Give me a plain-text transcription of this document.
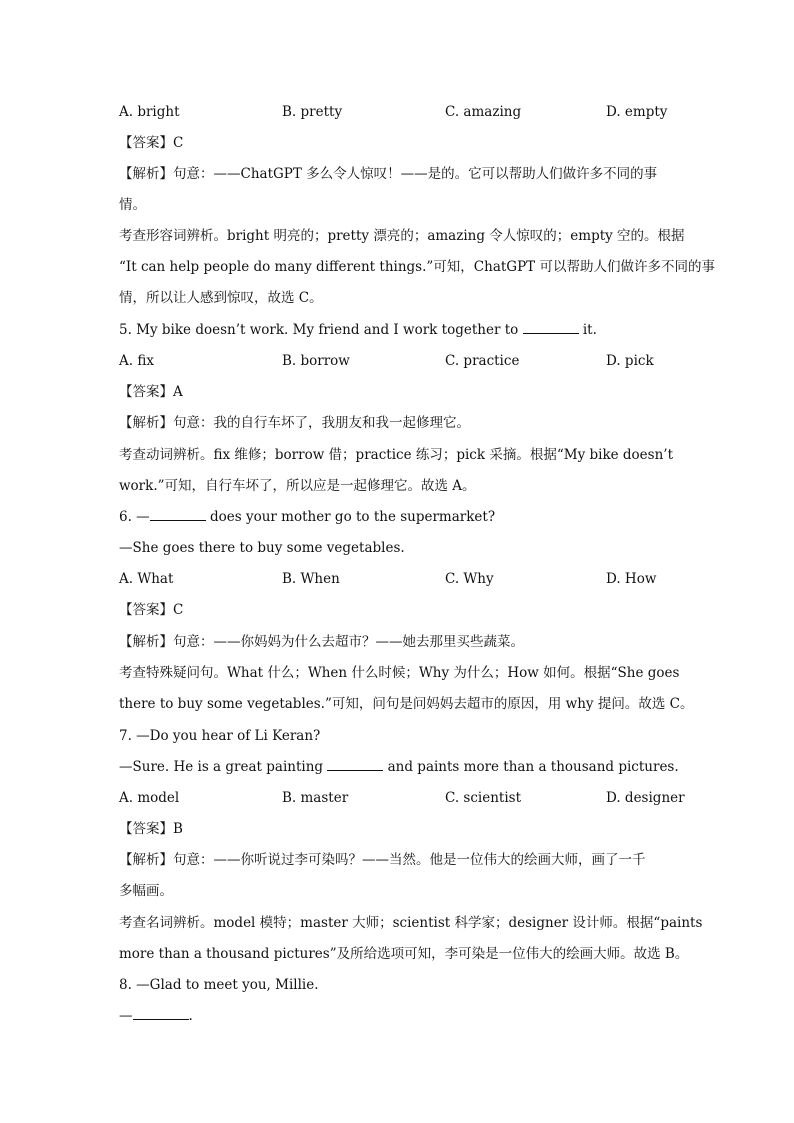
A. bright	B. pretty	C. amazing	D. empty
【答案】C
【解析】句意：——ChatGPT 多么令人惊叹！——是的。它可以帮助人们做许多不同的事
情。
考查形容词辨析。bright 明亮的；pretty 漂亮的；amazing 令人惊叹的；empty 空的。根据
“It can help people do many different things.”可知，ChatGPT 可以帮助人们做许多不同的事
情，所以让人感到惊叹，故选 C。
5. My bike doesn’t work. My friend and I work together to	it.
A. fix	B. borrow	C. practice	D. pick
【答案】A
【解析】句意：我的自行车坏了，我朋友和我一起修理它。
考查动词辨析。fix 维修；borrow 借；practice 练习；pick 采摘。根据“My bike doesn’t
work.”可知，自行车坏了，所以应是一起修理它。故选 A。
6. —	does your mother go to the supermarket?
—She goes there to buy some vegetables.
A. What	B. When	C. Why	D. How
【答案】C
【解析】句意：——你妈妈为什么去超市？——她去那里买些蔬菜。
考查特殊疑问句。What 什么；When 什么时候；Why 为什么；How 如何。根据“She goes
there to buy some vegetables.”可知，问句是问妈妈去超市的原因，用 why 提问。故选 C。
7. —Do you hear of Li Keran?
—Sure. He is a great painting	and paints more than a thousand pictures.
A. model	B. master	C. scientist	D. designer
【答案】B
【解析】句意：——你听说过李可染吗？——当然。他是一位伟大的绘画大师，画了一千
多幅画。
考查名词辨析。model 模特；master 大师；scientist 科学家；designer 设计师。根据“paints
more than a thousand pictures”及所给选项可知，李可染是一位伟大的绘画大师。故选 B。
8. —Glad to meet you, Millie.
—	.
